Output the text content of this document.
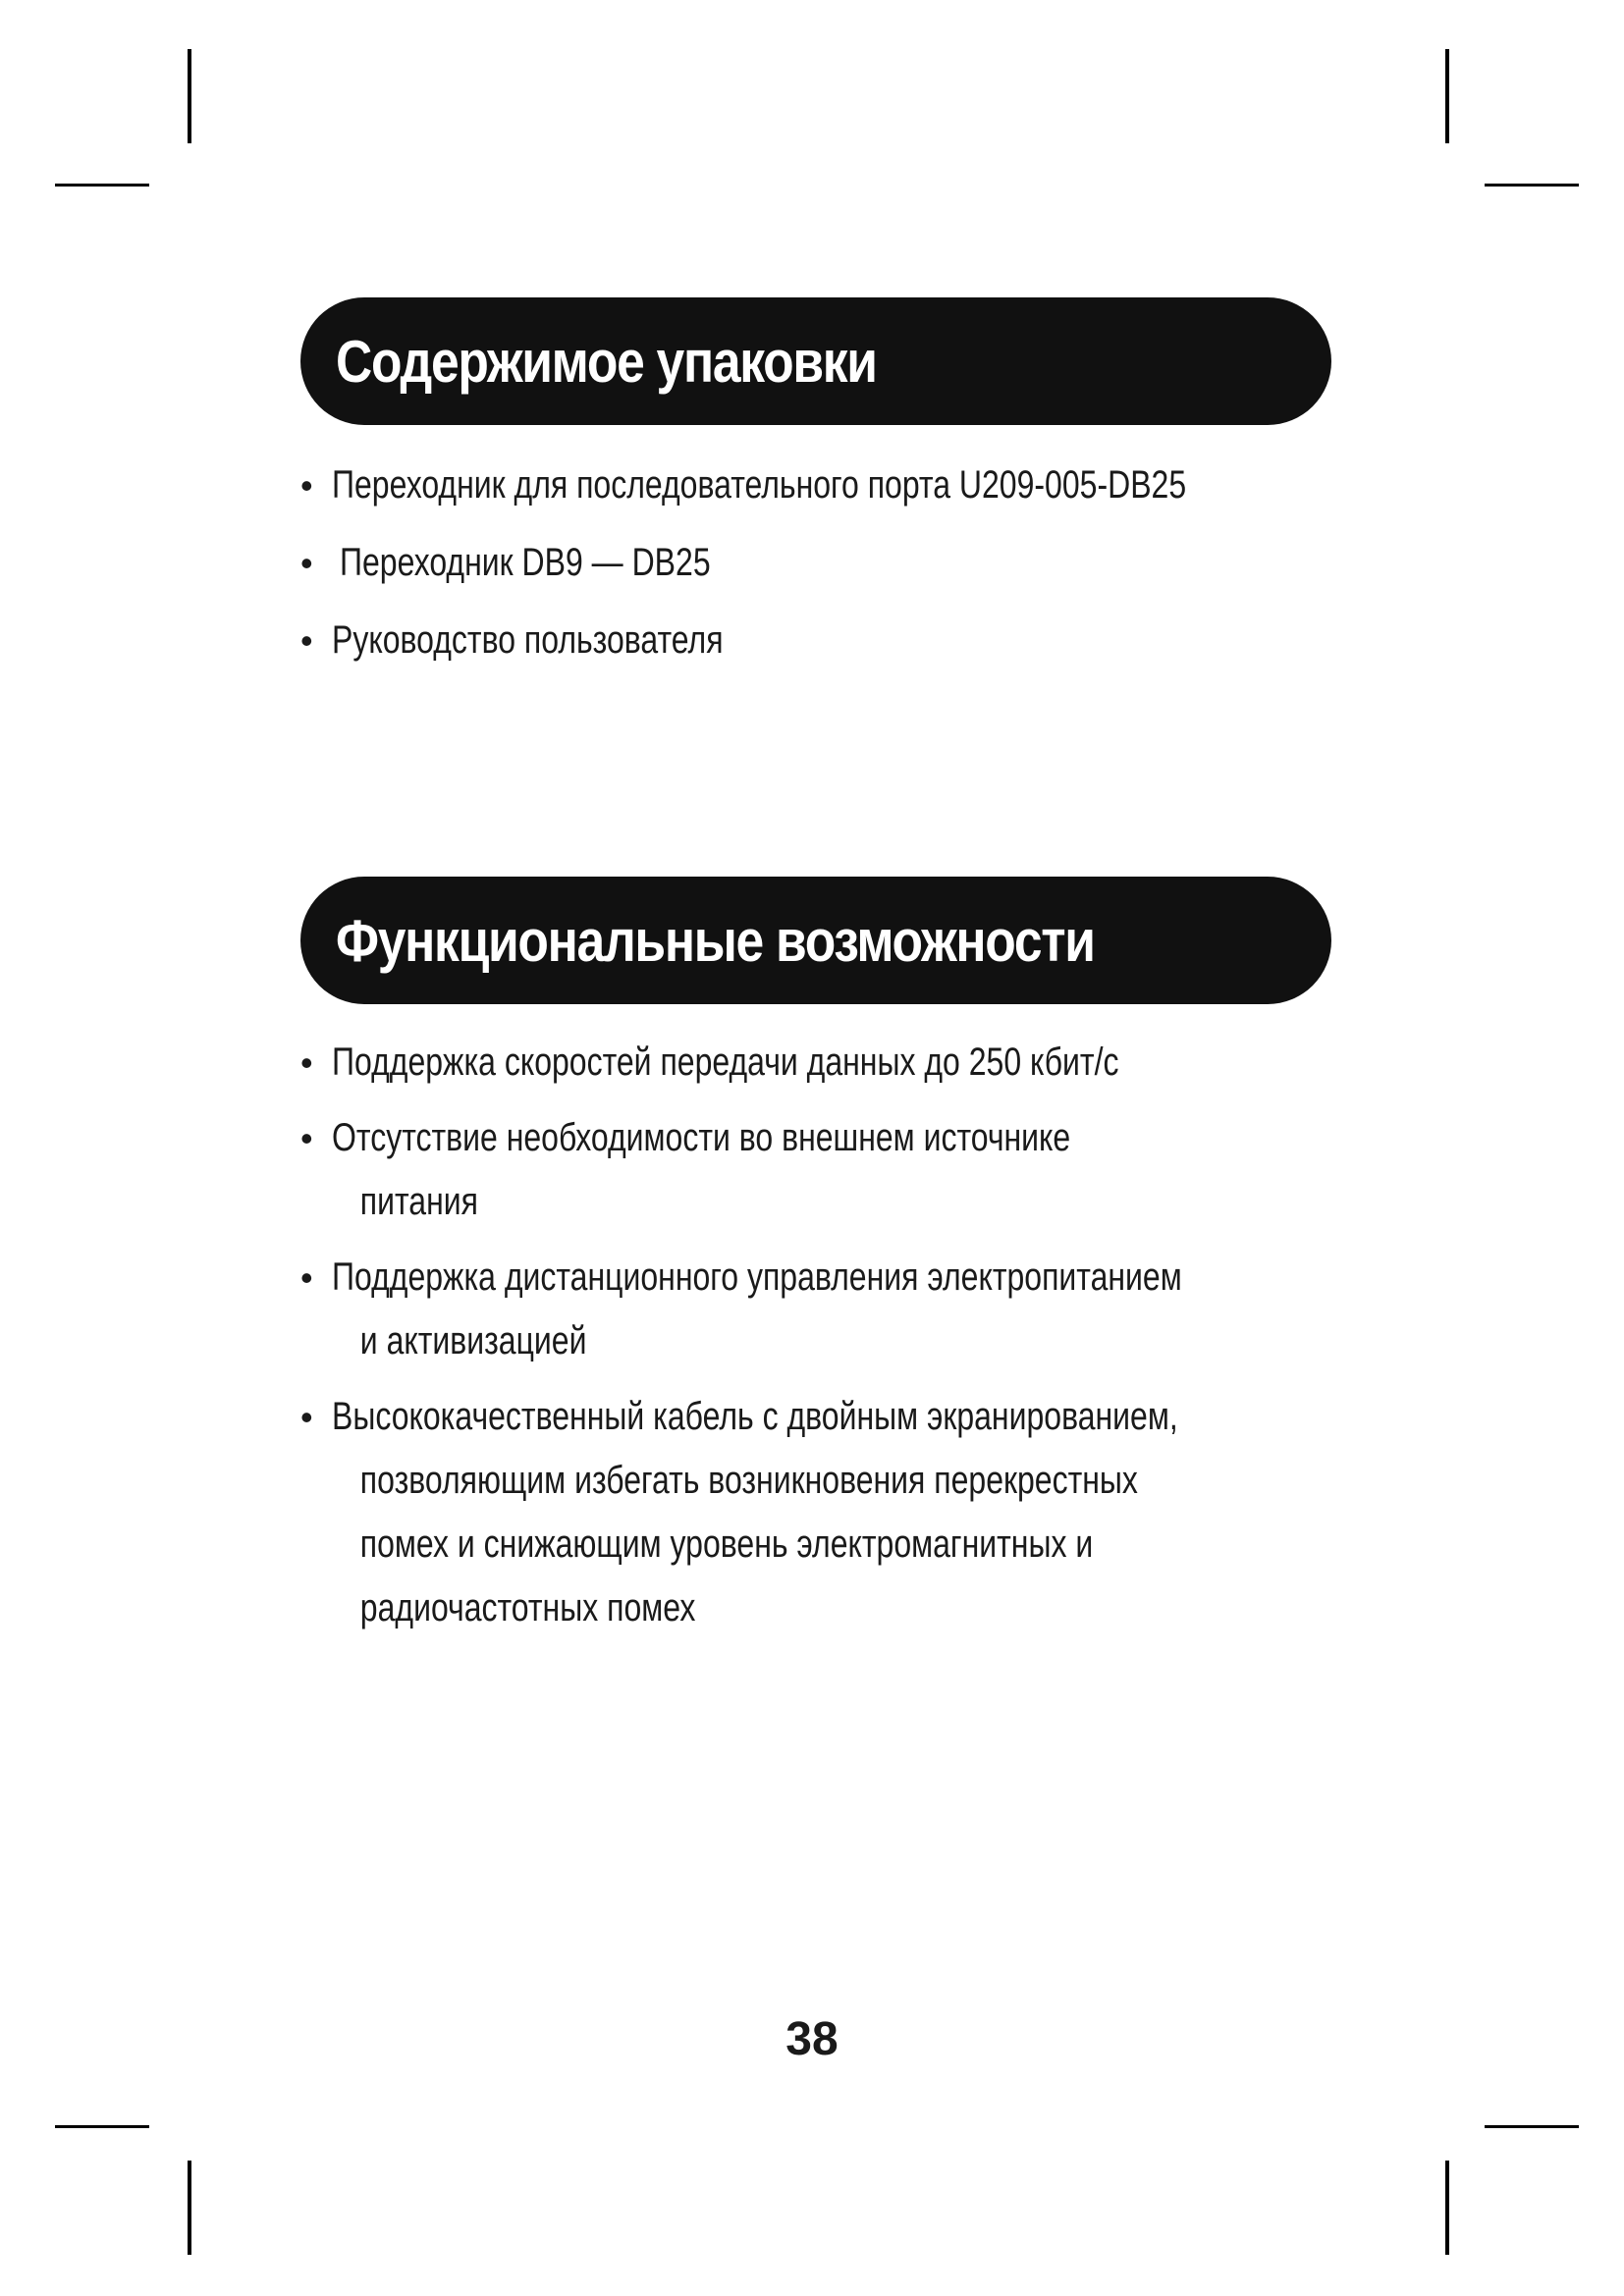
Содержимое упаковки
• Переходник для последовательного порта U209-005-DB25
• Переходник DB9 — DB25
• Руководство пользователя
Функциональные возможности
• Поддержка скоростей передачи данных до 250 кбит/с
• Отсутствие необходимости во внешнем источнике
питания
• Поддержка дистанционного управления электропитанием
и активизацией
• Высококачественный кабель с двойным экранированием,
позволяющим избегать возникновения перекрестных
помех и снижающим уровень электромагнитных и
радиочастотных помех
38
